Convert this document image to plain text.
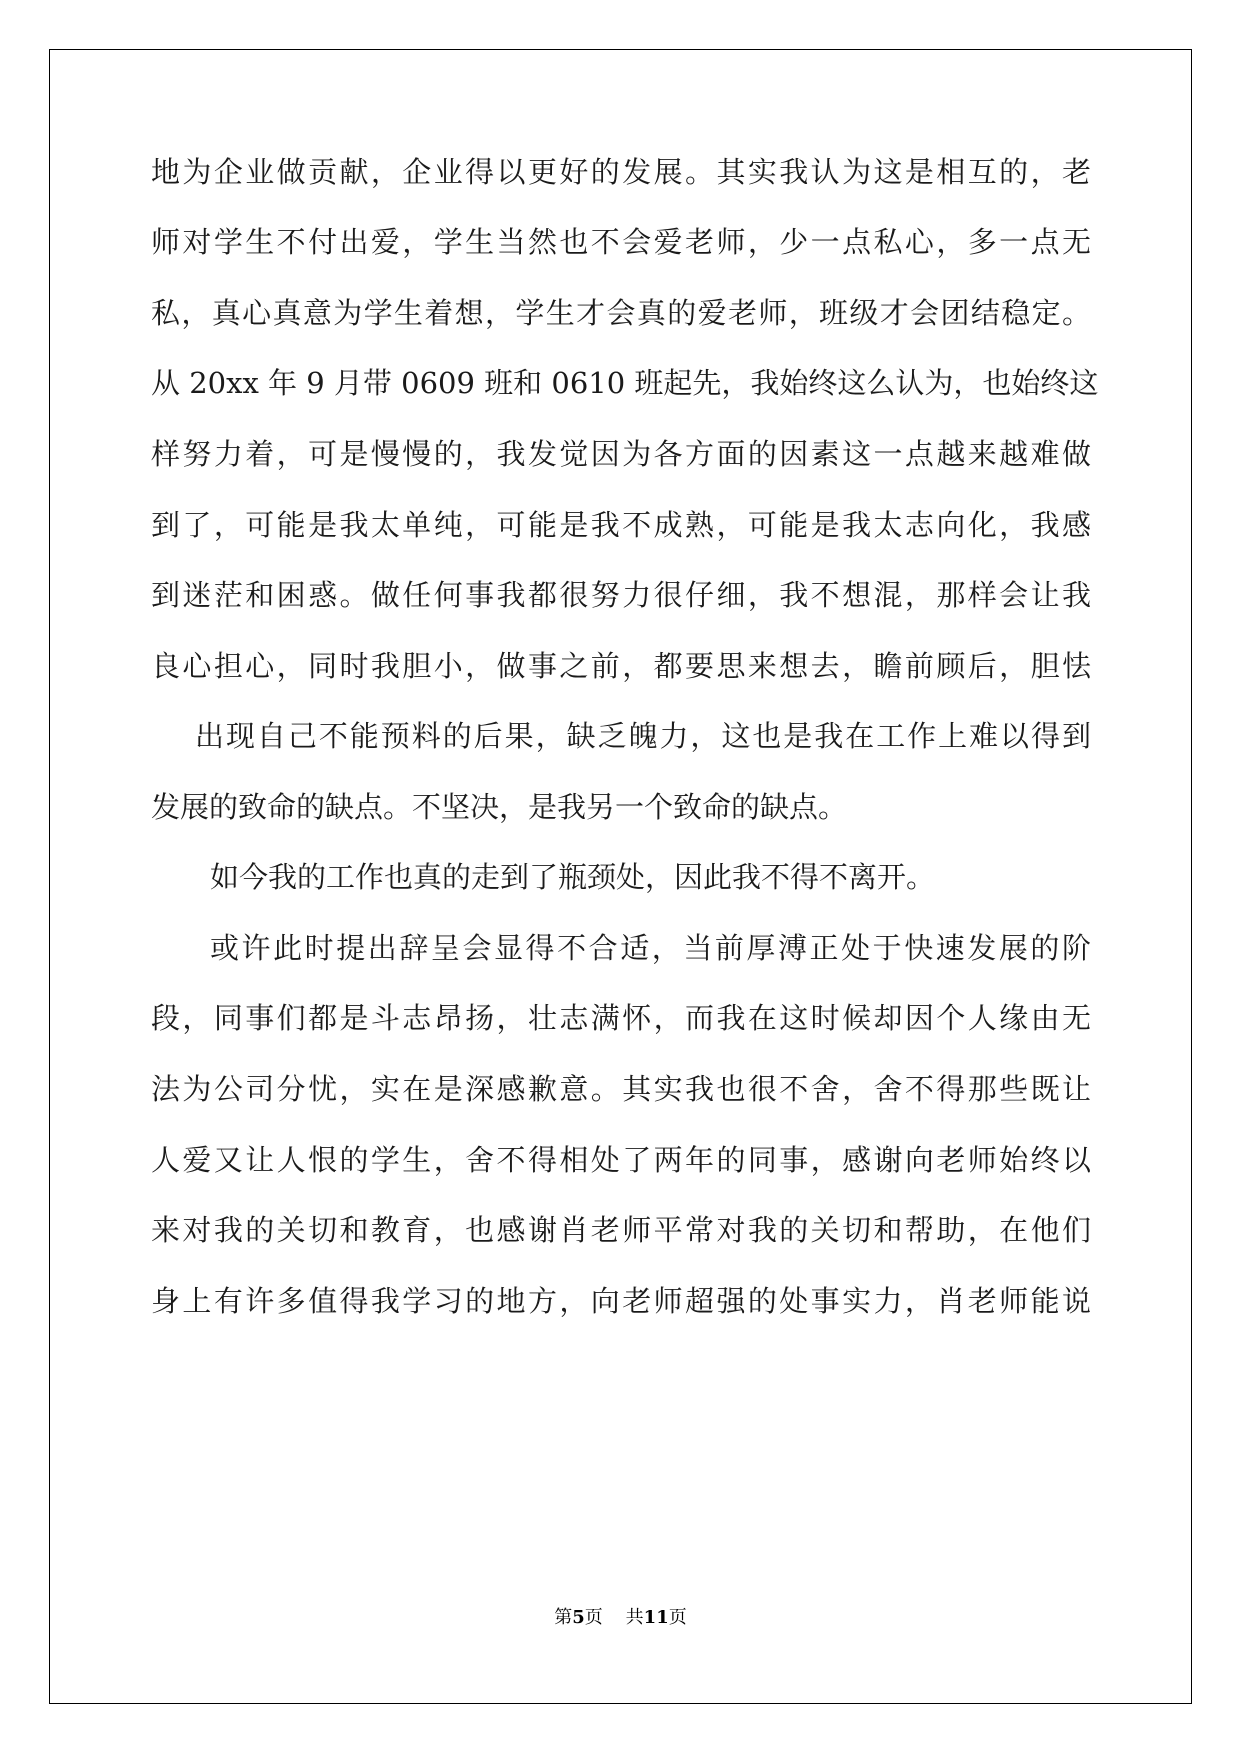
地为企业做贡献，企业得以更好的发展。其实我认为这是相互的，老
师对学生不付出爱，学生当然也不会爱老师，少一点私心，多一点无
私，真心真意为学生着想，学生才会真的爱老师，班级才会团结稳定。
从 20xx 年 9 月带 0609 班和 0610 班起先，我始终这么认为，也始终这
样努力着，可是慢慢的，我发觉因为各方面的因素这一点越来越难做
到了，可能是我太单纯，可能是我不成熟，可能是我太志向化，我感
到迷茫和困惑。做任何事我都很努力很仔细，我不想混，那样会让我
良心担心，同时我胆小，做事之前，都要思来想去，瞻前顾后，胆怯
出现自己不能预料的后果，缺乏魄力，这也是我在工作上难以得到
发展的致命的缺点。不坚决，是我另一个致命的缺点。
如今我的工作也真的走到了瓶颈处，因此我不得不离开。
或许此时提出辞呈会显得不合适，当前厚溥正处于快速发展的阶
段，同事们都是斗志昂扬，壮志满怀，而我在这时候却因个人缘由无
法为公司分忧，实在是深感歉意。其实我也很不舍，舍不得那些既让
人爱又让人恨的学生，舍不得相处了两年的同事，感谢向老师始终以
来对我的关切和教育，也感谢肖老师平常对我的关切和帮助，在他们
身上有许多值得我学习的地方，向老师超强的处事实力，肖老师能说
第5页 共11页
